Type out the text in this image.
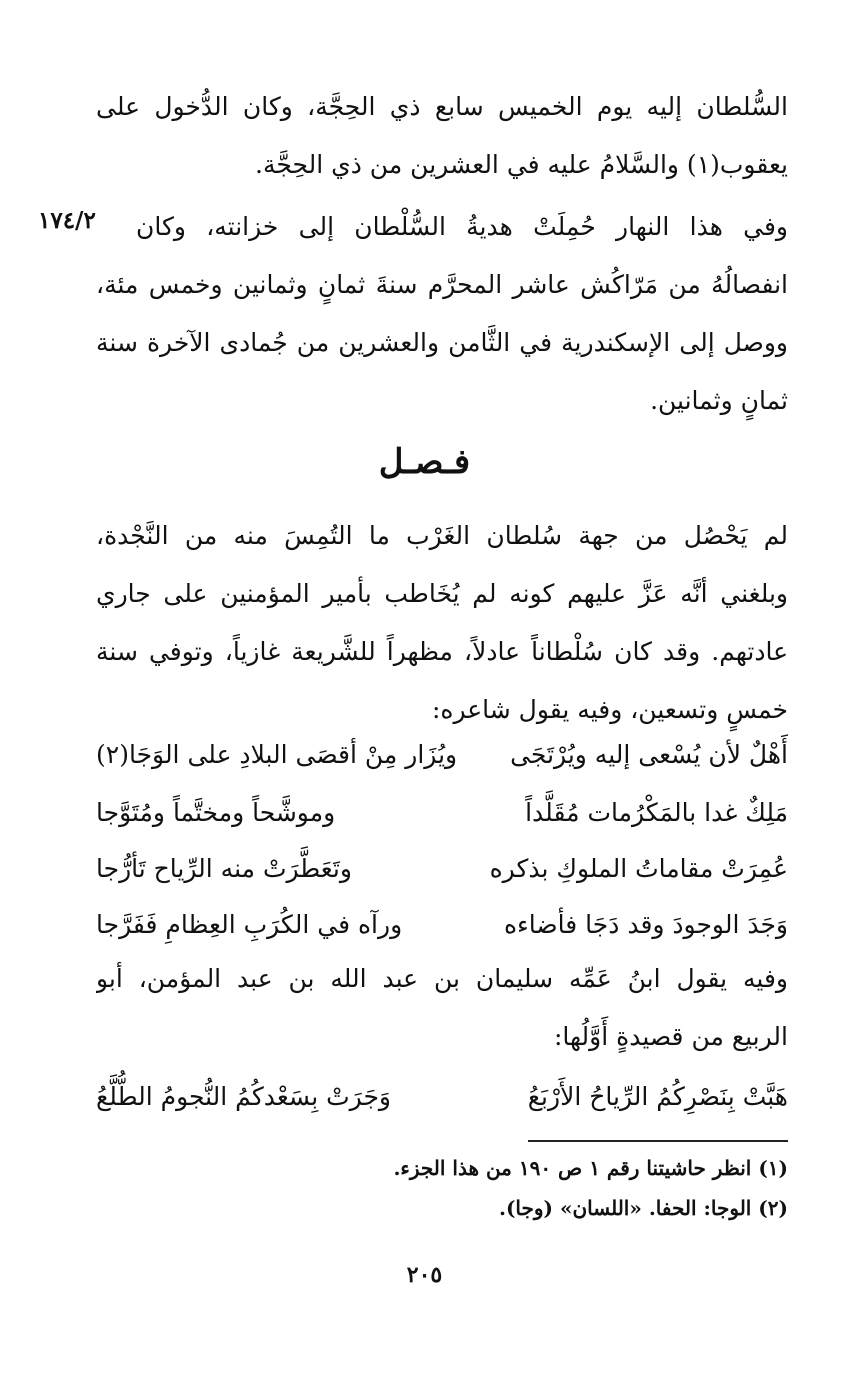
السُّلطان إليه يوم الخميس سابع ذي الحِجَّة، وكان الدُّخول على
يعقوب(١) والسَّلامُ عليه في العشرين من ذي الحِجَّة.
١٧٤/٢ وفي هذا النهار حُمِلَتْ هديةُ السُّلْطان إلى خزانته، وكان
انفصالُهُ من مَرّاكُش عاشر المحرَّم سنةَ ثمانٍ وثمانين وخمس مئة،
ووصل إلى الإسكندرية في الثَّامن والعشرين من جُمادى الآخرة سنة
ثمانٍ وثمانين.
فـصـل
لم يَحْصُل من جهة سُلطان الغَرْب ما التُمِسَ منه من النَّجْدة،
وبلغني أنَّه عَزَّ عليهم كونه لم يُخَاطب بأمير المؤمنين على جاري
عادتهم. وقد كان سُلْطاناً عادلاً، مظهراً للشَّريعة غازياً، وتوفي سنة
خمسٍ وتسعين، وفيه يقول شاعره:
أَهْلٌ لأن يُسْعى إليه ويُرْتَجَى
ويُزَار مِنْ أقصَى البلادِ على الوَجَا(٢)
مَلِكٌ غدا بالمَكْرُمات مُقَلَّداً
وموشَّحاً ومختَّماً ومُتَوَّجا
عُمِرَتْ مقاماتُ الملوكِ بذكره
وتَعَطَّرَتْ منه الرِّياح تَأرُّجا
وَجَدَ الوجودَ وقد دَجَا فأضاءه
ورآه في الكُرَبِ العِظامِ فَفَرَّجا
وفيه يقول ابنُ عَمِّه سليمان بن عبد الله بن عبد المؤمن، أبو
الربيع من قصيدةٍ أَوَّلُها:
هَبَّتْ بِنَصْرِكُمُ الرِّياحُ الأَرْبَعُ
وَجَرَتْ بِسَعْدكُمُ النُّجومُ الطُّلَّعُ
(١) انظر حاشيتنا رقم ١ ص ١٩٠ من هذا الجزء.
(٢) الوجا: الحفا. «اللسان» (وجا).
٢٠٥
